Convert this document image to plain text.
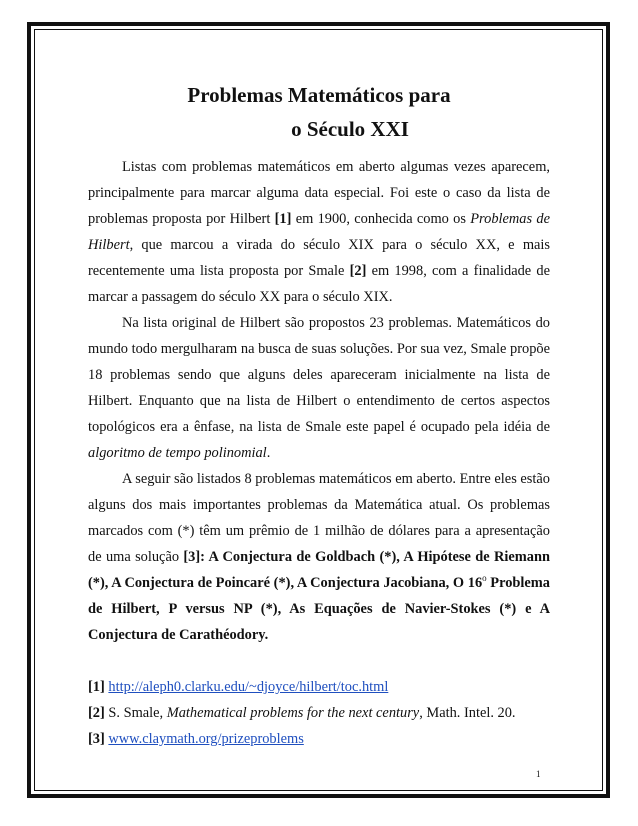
Problemas Matemáticos para
o Século XXI

Listas com problemas matemáticos em aberto algumas vezes aparecem, principalmente para marcar alguma data especial. Foi este o caso da lista de problemas proposta por Hilbert [1] em 1900, conhecida como os Problemas de Hilbert, que marcou a virada do século XIX para o século XX, e mais recentemente uma lista proposta por Smale [2] em 1998, com a finalidade de marcar a passagem do século XX para o século XIX.

Na lista original de Hilbert são propostos 23 problemas. Matemáticos do mundo todo mergulharam na busca de suas soluções. Por sua vez, Smale propõe 18 problemas sendo que alguns deles apareceram inicialmente na lista de Hilbert. Enquanto que na lista de Hilbert o entendimento de certos aspectos topológicos era a ênfase, na lista de Smale este papel é ocupado pela idéia de algoritmo de tempo polinomial.

A seguir são listados 8 problemas matemáticos em aberto. Entre eles estão alguns dos mais importantes problemas da Matemática atual. Os problemas marcados com (*) têm um prêmio de 1 milhão de dólares para a apresentação de uma solução [3]: A Conjectura de Goldbach (*), A Hipótese de Riemann (*), A Conjectura de Poincaré (*), A Conjectura Jacobiana, O 16$^o$ Problema de Hilbert, P versus NP (*), As Equações de Navier-Stokes (*) e A Conjectura de Carathéodory.

[1] http://aleph0.clarku.edu/~djoyce/hilbert/toc.html
[2] S. Smale, Mathematical problems for the next century, Math. Intel. 20.
[3] www.claymath.org/prizeproblems
1
